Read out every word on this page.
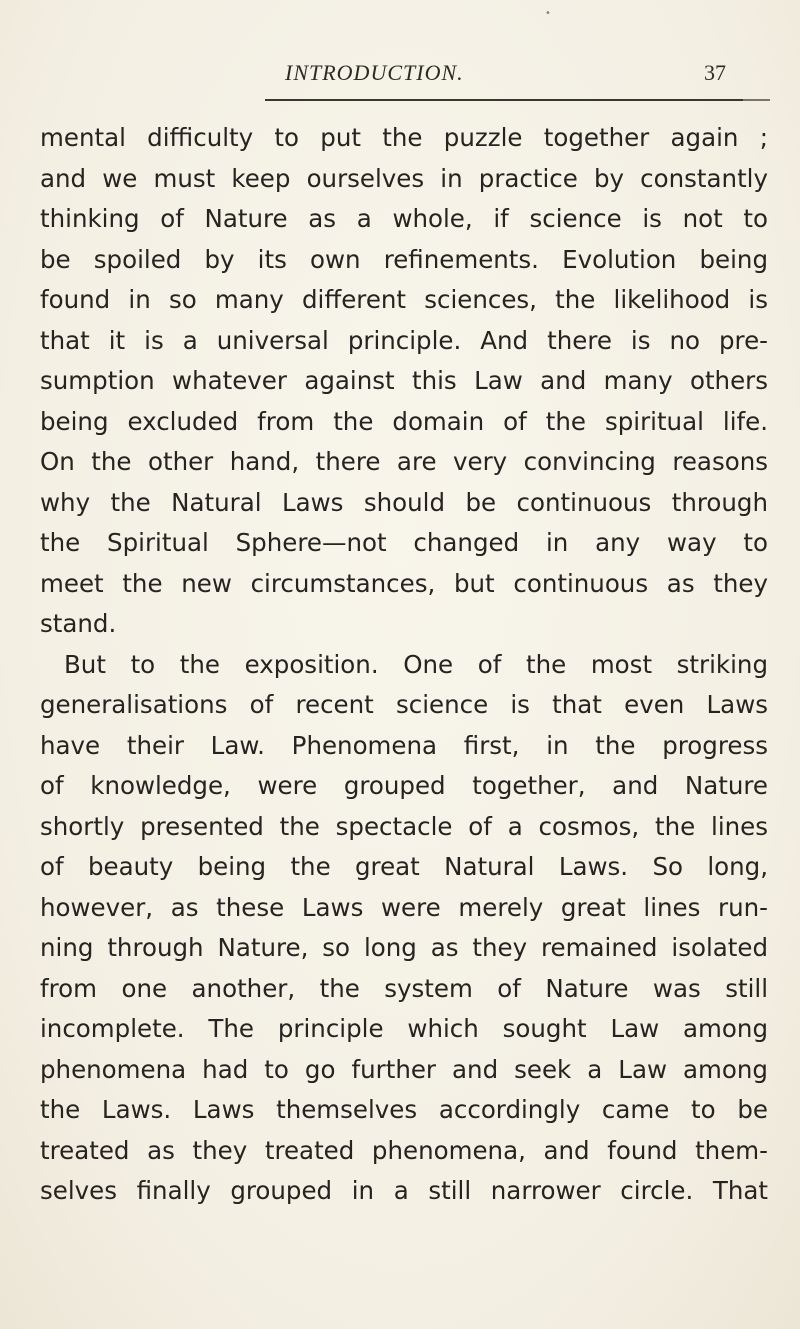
•
INTRODUCTION.	37
mental difficulty to put the puzzle together again ;
and we must keep ourselves in practice by constantly
thinking of Nature as a whole, if science is not to
be spoiled by its own refinements. Evolution being
found in so many different sciences, the likelihood is
that it is a universal principle. And there is no pre-
sumption whatever against this Law and many others
being excluded from the domain of the spiritual life.
On the other hand, there are very convincing reasons
why the Natural Laws should be continuous through
the Spiritual Sphere—not changed in any way to
meet the new circumstances, but continuous as they
stand.
But to the exposition. One of the most striking
generalisations of recent science is that even Laws
have their Law. Phenomena first, in the progress
of knowledge, were grouped together, and Nature
shortly presented the spectacle of a cosmos, the lines
of beauty being the great Natural Laws. So long,
however, as these Laws were merely great lines run-
ning through Nature, so long as they remained isolated
from one another, the system of Nature was still
incomplete. The principle which sought Law among
phenomena had to go further and seek a Law among
the Laws. Laws themselves accordingly came to be
treated as they treated phenomena, and found them-
selves finally grouped in a still narrower circle. That
